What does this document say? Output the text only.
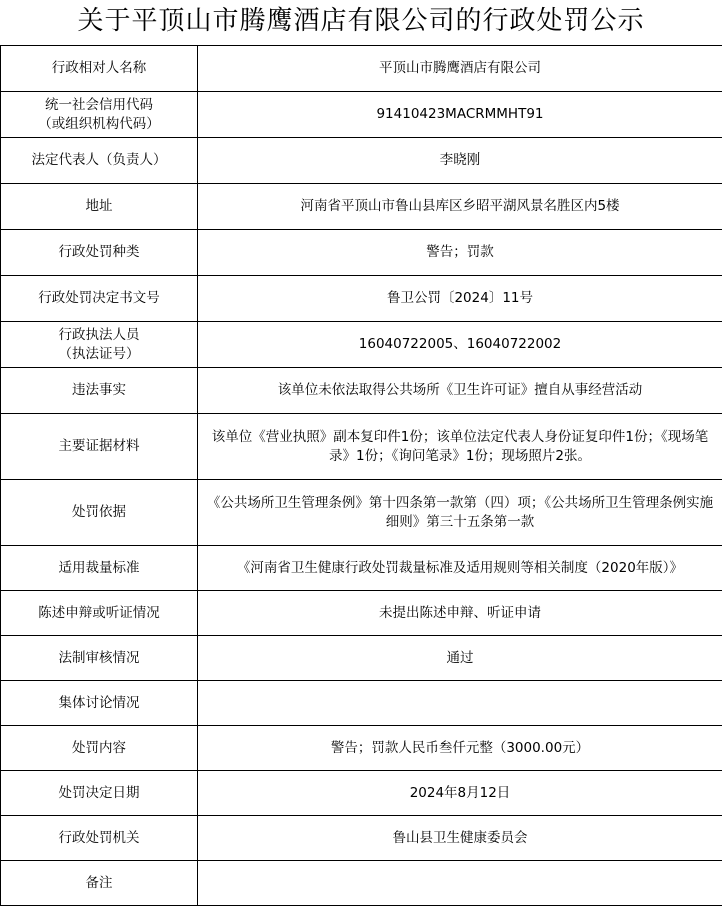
关于平顶山市腾鹰酒店有限公司的行政处罚公示
行政相对人名称	平顶山市腾鹰酒店有限公司

统一社会信用代码
（或组织机构代码）	91410423MACRMMHT91
法定代表人（负责人）	李晓刚
地址	河南省平顶山市鲁山县库区乡昭平湖风景名胜区内5楼
行政处罚种类	警告；罚款
行政处罚决定书文号	鲁卫公罚〔2024〕11号

行政执法人员
（执法证号）	16040722005、16040722002
违法事实	该单位未依法取得公共场所《卫生许可证》擅自从事经营活动
主要证据材料	该单位《营业执照》副本复印件1份；该单位法定代表人身份证复印件1份；《现场笔录》1份；《询问笔录》1份；现场照片2张。
处罚依据	《公共场所卫生管理条例》第十四条第一款第（四）项；《公共场所卫生管理条例实施细则》第三十五条第一款
适用裁量标准	《河南省卫生健康行政处罚裁量标准及适用规则等相关制度（2020年版）》
陈述申辩或听证情况	未提出陈述申辩、听证申请
法制审核情况	通过
集体讨论情况	
处罚内容	警告；罚款人民币叁仟元整（3000.00元）
处罚决定日期	2024年8月12日
行政处罚机关	鲁山县卫生健康委员会
备注	
